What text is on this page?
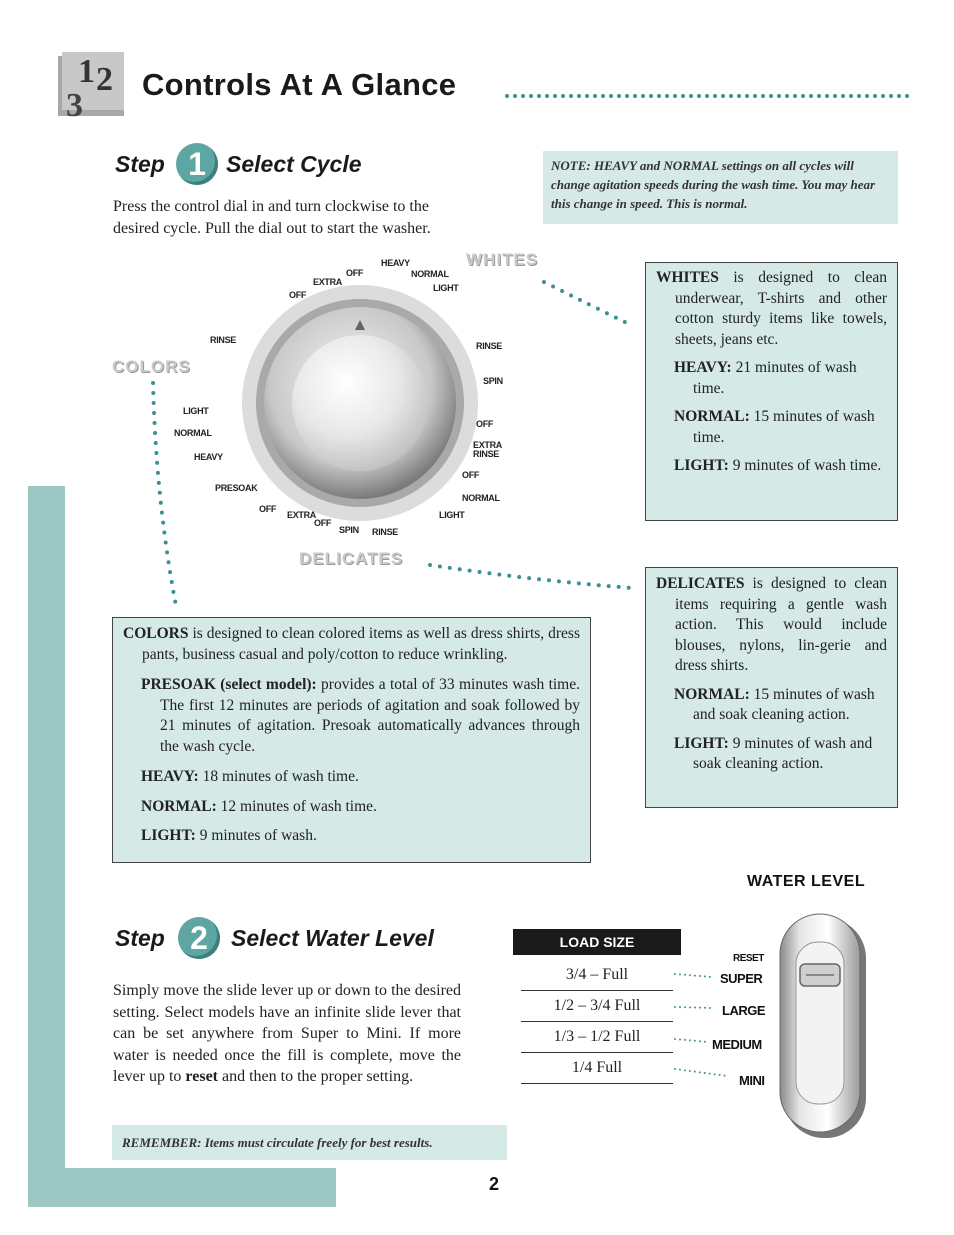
1 2
3
Controls At A Glance
Step 1 Select Cycle
Press the control dial in and turn clockwise to the desired cycle. Pull the dial out to start the washer.
NOTE: HEAVY and NORMAL settings on all cycles will change agitation speeds during the wash time. You may hear this change in speed. This is normal.
OFF
EXTRA
OFF
HEAVY
NORMAL
LIGHT
RINSE
SPIN
OFF
EXTRA RINSE
OFF
NORMAL
LIGHT
RINSE
SPIN
OFF
EXTRA
OFF
PRESOAK
HEAVY
NORMAL
LIGHT
RINSE
WHITES
COLORS
DELICATES

WHITES is designed to clean underwear, T-shirts and other cotton sturdy items like towels, sheets, jeans etc.

HEAVY: 21 minutes of wash time.

NORMAL: 15 minutes of wash time.

LIGHT: 9 minutes of wash time.

DELICATES is designed to clean items requiring a gentle wash action. This would include blouses, nylons, lin-gerie and dress shirts.

NORMAL: 15 minutes of wash and soak cleaning action.

LIGHT: 9 minutes of wash and soak cleaning action.

COLORS is designed to clean colored items as well as dress shirts, dress pants, business casual and poly/cotton to reduce wrinkling.

PRESOAK (select model): provides a total of 33 minutes wash time. The first 12 minutes are periods of agitation and soak followed by 21 minutes of agitation. Presoak automatically advances through the wash cycle.

HEAVY: 18 minutes of wash time.

NORMAL: 12 minutes of wash time.

LIGHT: 9 minutes of wash.

Step 2	Select Water Level
Simply move the slide lever up or down to the desired setting. Select models have an infinite slide lever that can be set anywhere from Super to Mini. If more water is needed once the fill is complete, move the lever up to reset and then to the proper setting.
REMEMBER: Items must circulate freely for best results.
LOAD SIZE
3/4 – Full
1/2 – 3/4 Full
1/3 – 1/2 Full
1/4 Full
WATER LEVEL
RESET
SUPER
LARGE
MEDIUM
MINI
2
